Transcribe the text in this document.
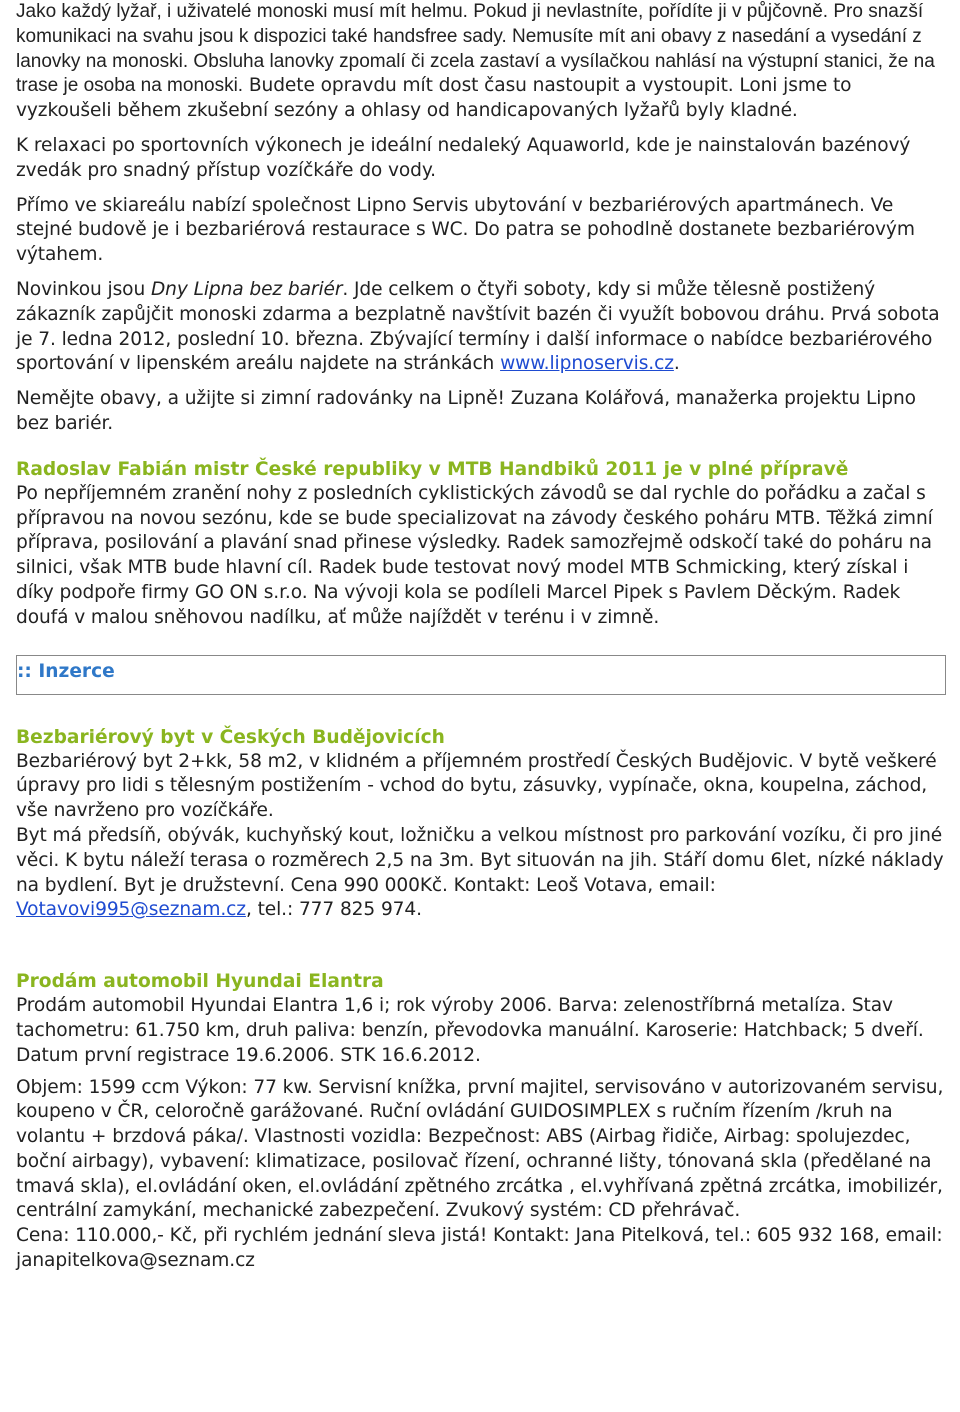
Jako každý lyžař, i uživatelé monoski musí mít helmu. Pokud ji nevlastníte, pořídíte ji v půjčovně. Pro snazší komunikaci na svahu jsou k dispozici také handsfree sady. Nemusíte mít ani obavy z nasedání a vysedání z lanovky na monoski. Obsluha lanovky zpomalí či zcela zastaví a vysílačkou nahlásí na výstupní stanici, že na trase je osoba na monoski. Budete opravdu mít dost času nastoupit a vystoupit. Loni jsme to vyzkoušeli během zkušební sezóny a ohlasy od handicapovaných lyžařů byly kladné.

K relaxaci po sportovních výkonech je ideální nedaleký Aquaworld, kde je nainstalován bazénový zvedák pro snadný přístup vozíčkáře do vody.

Přímo ve skiareálu nabízí společnost Lipno Servis ubytování v bezbariérových apartmánech. Ve stejné budově je i bezbariérová restaurace s WC. Do patra se pohodlně dostanete bezbariérovým výtahem.

Novinkou jsou Dny Lipna bez bariér. Jde celkem o čtyři soboty, kdy si může tělesně postižený zákazník zapůjčit monoski zdarma a bezplatně navštívit bazén či využít bobovou dráhu. Prvá sobota je 7. ledna 2012, poslední 10. března. Zbývající termíny i další informace o nabídce bezbariérového sportování v lipenském areálu najdete na stránkách www.lipnoservis.cz.

Nemějte obavy, a užijte si zimní radovánky na Lipně! Zuzana Kolářová, manažerka projektu Lipno bez bariér.

Radoslav Fabián mistr České republiky v MTB Handbiků 2011 je v plné přípravě

Po nepříjemném zranění nohy z posledních cyklistických závodů se dal rychle do pořádku a začal s přípravou na novou sezónu, kde se bude specializovat na závody českého poháru MTB. Těžká zimní příprava, posilování a plavání snad přinese výsledky. Radek samozřejmě odskočí také do poháru na silnici, však MTB bude hlavní cíl. Radek bude testovat nový model MTB Schmicking, který získal i díky podpoře firmy GO ON s.r.o. Na vývoji kola se podíleli Marcel Pipek s Pavlem Děckým. Radek doufá v malou sněhovou nadílku, ať může najíždět v terénu i v zimně.

:: Inzerce

Bezbariérový byt v Českých Budějovicích

Bezbariérový byt 2+kk, 58 m2, v klidném a příjemném prostředí Českých Budějovic. V bytě veškeré úpravy pro lidi s tělesným postižením - vchod do bytu, zásuvky, vypínače, okna, koupelna, záchod, vše navrženo pro vozíčkáře.

Byt má předsíň, obývák, kuchyňský kout, ložničku a velkou místnost pro parkování vozíku, či pro jiné věci. K bytu náleží terasa o rozměrech 2,5 na 3m. Byt situován na jih. Stáří domu 6let, nízké náklady na bydlení. Byt je družstevní. Cena 990 000Kč. Kontakt: Leoš Votava, email: Votavovi995@seznam.cz, tel.: 777 825 974.

Prodám automobil Hyundai Elantra

Prodám automobil Hyundai Elantra 1,6 i; rok výroby 2006. Barva: zelenostříbrná metalíza. Stav tachometru: 61.750 km, druh paliva: benzín, převodovka manuální. Karoserie: Hatchback; 5 dveří. Datum první registrace 19.6.2006. STK 16.6.2012.

Objem: 1599 ccm Výkon: 77 kw. Servisní knížka, první majitel, servisováno v autorizovaném servisu, koupeno v ČR, celoročně garážované. Ruční ovládání GUIDOSIMPLEX s ručním řízením /kruh na volantu + brzdová páka/. Vlastnosti vozidla: Bezpečnost: ABS (Airbag řidiče, Airbag: spolujezdec, boční airbagy), vybavení: klimatizace, posilovač řízení, ochranné lišty, tónovaná skla (předělané na tmavá skla), el.ovládání oken, el.ovládání zpětného zrcátka , el.vyhřívaná zpětná zrcátka, imobilizér, centrální zamykání, mechanické zabezpečení. Zvukový systém: CD přehrávač.

Cena: 110.000,- Kč, při rychlém jednání sleva jistá! Kontakt: Jana Pitelková, tel.: 605 932 168, email: janapitelkova@seznam.cz
